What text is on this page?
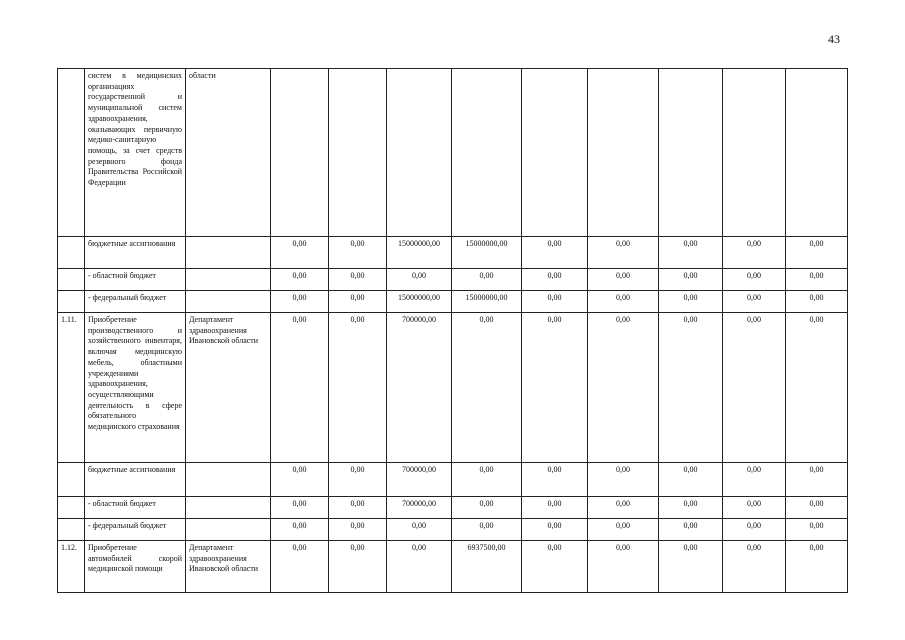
43
	систем в медицинских организациях государственной и муниципальной систем здравоохранения, оказывающих первичную медико-санитарную помощь, за счет средств резервного фонда Правительства Российской Федерации	области									
	бюджетные ассигнования		0,00	0,00	15000000,00	15000000,00	0,00	0,00	0,00	0,00	0,00
	- областной бюджет		0,00	0,00	0,00	0,00	0,00	0,00	0,00	0,00	0,00
	- федеральный бюджет		0,00	0,00	15000000,00	15000000,00	0,00	0,00	0,00	0,00	0,00
1.11.	Приобретение производственного и хозяйственного инвентаря, включая медицинскую мебель, областными учреждениями здравоохранения, осуществляющими деятельность в сфере обязательного медицинского страхования	Департамент здравоохранения Ивановской области	0,00	0,00	700000,00	0,00	0,00	0,00	0,00	0,00	0,00
	бюджетные ассигнования		0,00	0,00	700000,00	0,00	0,00	0,00	0,00	0,00	0,00
	- областной бюджет		0,00	0,00	700000,00	0,00	0,00	0,00	0,00	0,00	0,00
	- федеральный бюджет		0,00	0,00	0,00	0,00	0,00	0,00	0,00	0,00	0,00
1.12.	Приобретение автомобилей скорой медицинской помощи	Департамент здравоохранения Ивановской области	0,00	0,00	0,00	6937500,00	0,00	0,00	0,00	0,00	0,00
